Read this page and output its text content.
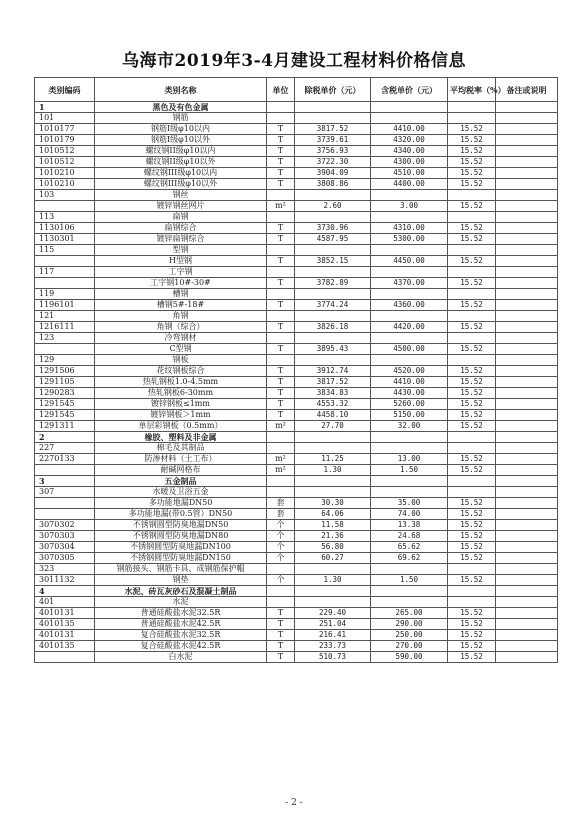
乌海市2019年3-4月建设工程材料价格信息
类别编码	类别名称	单位	除税单价（元）	含税单价（元）	平均税率（%）	备注或说明
1	黑色及有色金属					
101	钢筋					
1010177	钢筋I级φ10以内	T	3817.52	4410.00	15.52	
1010179	钢筋I级φ10以外	T	3739.61	4320.00	15.52	
1010512	螺纹钢II级φ10以内	T	3756.93	4340.00	15.52	
1010512	螺纹钢II级φ10以外	T	3722.30	4300.00	15.52	
1010210	螺纹钢III级φ10以内	T	3904.09	4510.00	15.52	
1010210	螺纹钢III级φ10以外	T	3808.86	4400.00	15.52	
103	钢丝					
	镀锌钢丝网片	m²	2.60	3.00	15.52	
113	扁钢					
1130106	扁钢综合	T	3730.96	4310.00	15.52	
1130301	镀锌扁钢综合	T	4587.95	5300.00	15.52	
115	型钢					
	H型钢	T	3852.15	4450.00	15.52	
117	工字钢					
	工字钢10#-30#	T	3782.89	4370.00	15.52	
119	槽钢					
1196101	槽钢5#-18#	T	3774.24	4360.00	15.52	
121	角钢					
1216111	角钢（综合）	T	3826.18	4420.00	15.52	
123	冷弯钢材					
	C型钢	T	3895.43	4500.00	15.52	
129	钢板					
1291506	花纹钢板综合	T	3912.74	4520.00	15.52	
1291105	热轧钢板1.0-4.5mm	T	3817.52	4410.00	15.52	
1290283	热轧钢板6-30mm	T	3834.83	4430.00	15.52	
1291545	镀锌钢板≤1mm	T	4553.32	5260.00	15.52	
1291545	镀锌钢板＞1mm	T	4458.10	5150.00	15.52	
1291311	单层彩钢板（0.5mm）	m²	27.70	32.00	15.52	
2	橡胶、塑料及非金属					
227	棉毛及其制品					
2270133	防渗材料（土工布）	m²	11.25	13.00	15.52	
	耐碱网格布	m²	1.30	1.50	15.52	
3	五金制品					
307	水暖及卫浴五金					
	多功能地漏DN50	套	30.30	35.00	15.52	
	多功能地漏(带0.5管）DN50	套	64.06	74.00	15.52	
3070302	不锈钢圆型防臭地漏DN50	个	11.58	13.38	15.52	
3070303	不锈钢圆型防臭地漏DN80	个	21.36	24.68	15.52	
3070304	不锈钢圆型防臭地漏DN100	个	56.80	65.62	15.52	
3070305	不锈钢圆型防臭地漏DN150	个	60.27	69.62	15.52	
323	钢筋接头、钢筋卡具、成钢筋保护帽					
3011132	钢垫	个	1.30	1.50	15.52	
4	水泥、砖瓦灰砂石及混凝土制品					
401	水泥					
4010131	普通硅酸盐水泥32.5R	T	229.40	265.00	15.52	
4010135	普通硅酸盐水泥42.5R	T	251.04	290.00	15.52	
4010131	复合硅酸盐水泥32.5R	T	216.41	250.00	15.52	
4010135	复合硅酸盐水泥42.5R	T	233.73	270.00	15.52	
	白水泥	T	510.73	590.00	15.52	
- 2 -
